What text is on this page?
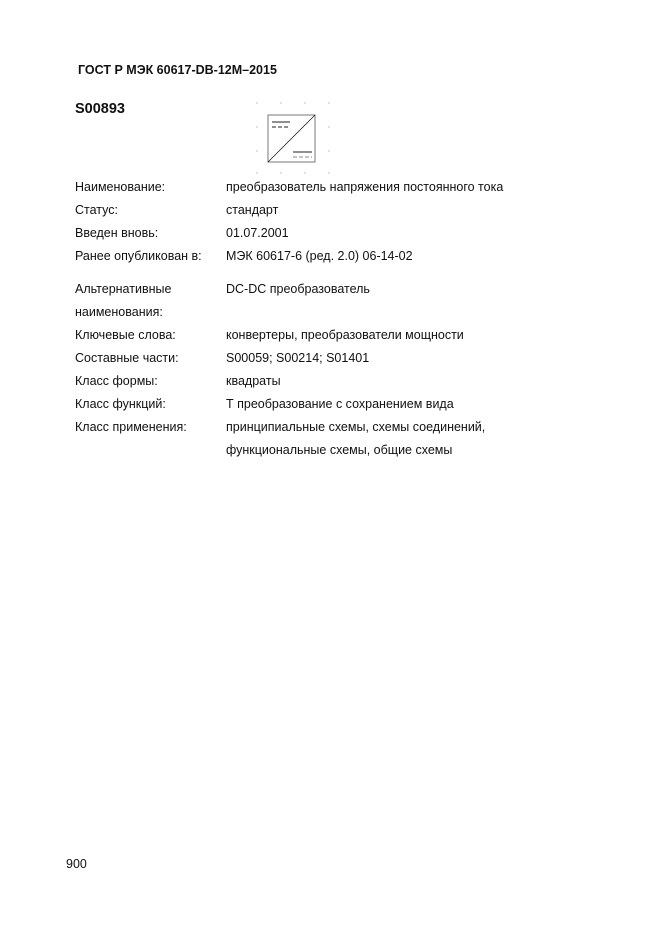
ГОСТ Р МЭК 60617-DB-12M–2015
S00893
Наименование:	преобразователь напряжения постоянного тока
Статус:	стандарт
Введен вновь:	01.07.2001
Ранее опубликован в:	МЭК 60617-6 (ред. 2.0) 06-14-02
Альтернативные	DC-DC преобразователь
наименования:
Ключевые слова:	конвертеры, преобразователи мощности
Составные части:	S00059; S00214; S01401
Класс формы:	квадраты
Класс функций:	Т преобразование с сохранением вида
Класс применения:	принципиальные схемы, схемы соединений,
функциональные схемы, общие схемы
900
